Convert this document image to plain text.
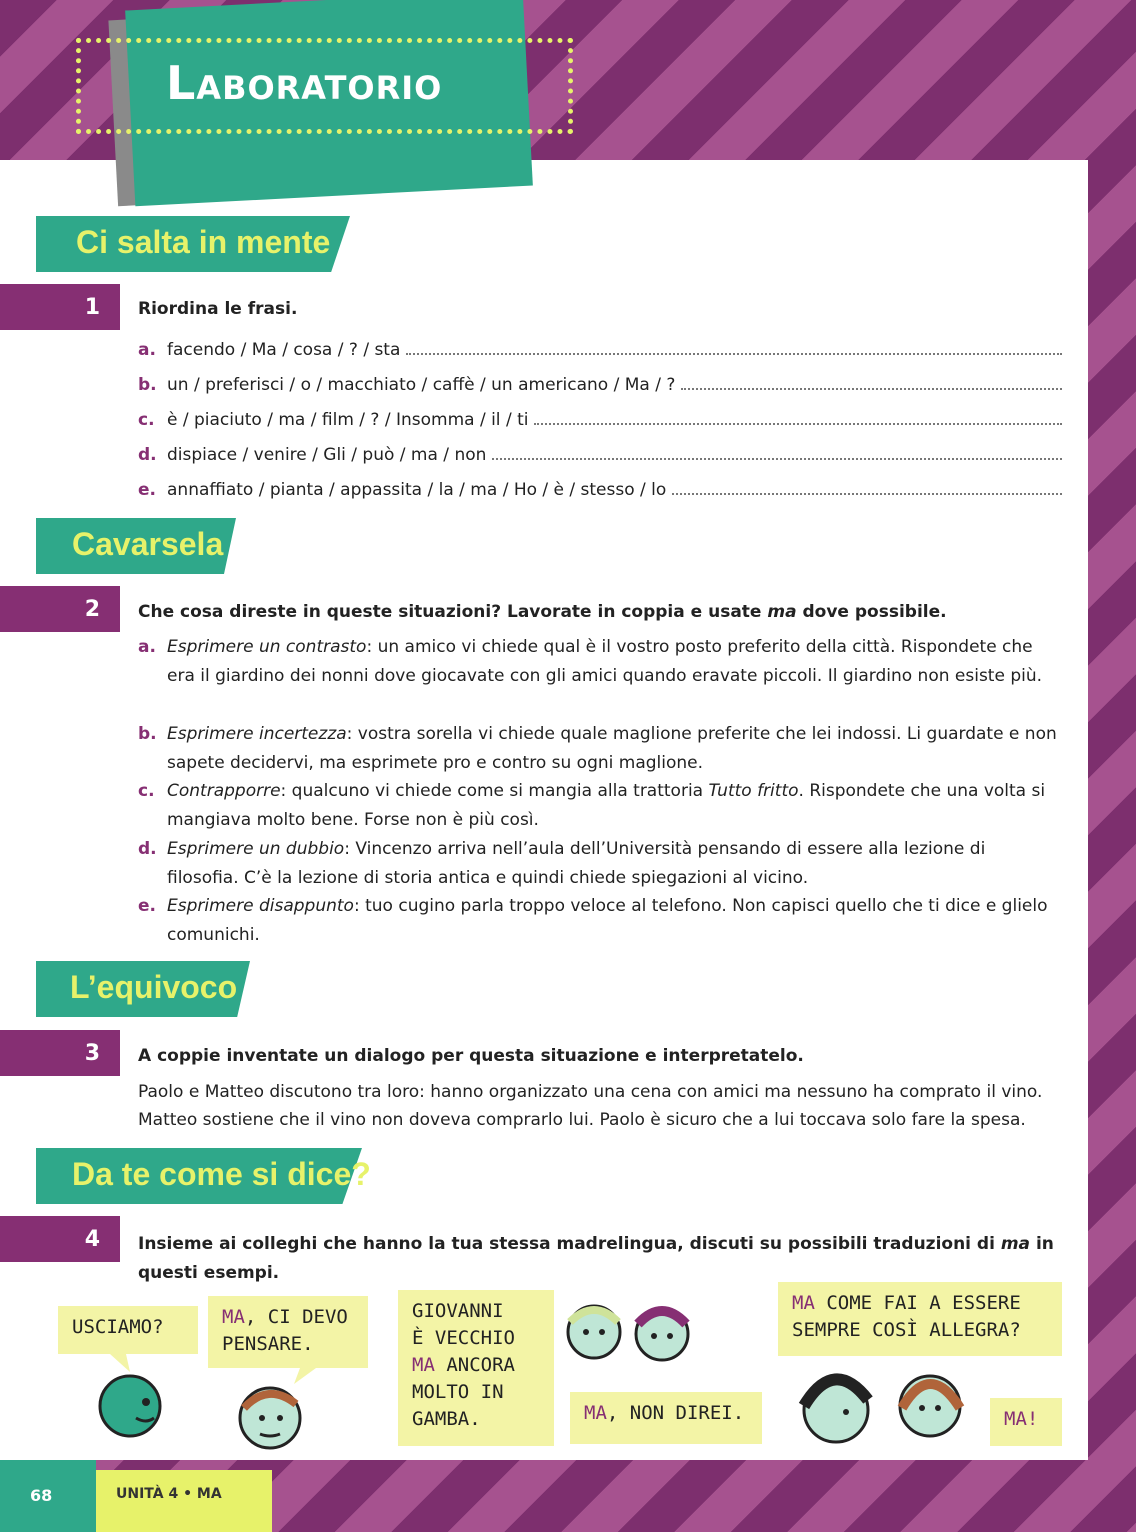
Laboratorio
Ci salta in mente
1	Riordina le frasi.
a. facendo / Ma / cosa / ? / sta
b. un / preferisci / o / macchiato / caffè / un americano / Ma / ?
c. è / piaciuto / ma / film / ? / Insomma / il / ti
d. dispiace / venire / Gli / può / ma / non
e. annaffiato / pianta / appassita / la / ma / Ho / è / stesso / lo
Cavarsela
2	Che cosa direste in queste situazioni? Lavorate in coppia e usate ma dove possibile.
a. Esprimere un contrasto: un amico vi chiede qual è il vostro posto preferito della città. Rispondete che era il giardino dei nonni dove giocavate con gli amici quando eravate piccoli. Il giardino non esiste più.
b. Esprimere incertezza: vostra sorella vi chiede quale maglione preferite che lei indossi. Li guardate e non sapete decidervi, ma esprimete pro e contro su ogni maglione.
c. Contrapporre: qualcuno vi chiede come si mangia alla trattoria Tutto fritto. Rispondete che una volta si mangiava molto bene. Forse non è più così.
d. Esprimere un dubbio: Vincenzo arriva nell’aula dell’Università pensando di essere alla lezione di filosofia. C’è la lezione di storia antica e quindi chiede spiegazioni al vicino.
e. Esprimere disappunto: tuo cugino parla troppo veloce al telefono. Non capisci quello che ti dice e glielo comunichi.
L’equivoco
3	A coppie inventate un dialogo per questa situazione e interpretatelo.
Paolo e Matteo discutono tra loro: hanno organizzato una cena con amici ma nessuno ha comprato il vino. Matteo sostiene che il vino non doveva comprarlo lui. Paolo è sicuro che a lui toccava solo fare la spesa.
Da te come si dice?
4	Insieme ai colleghi che hanno la tua stessa madrelingua, discuti su possibili traduzioni di ma in questi esempi.
USCIAMO?	MA, CI DEVO PENSARE.
GIOVANNI
È VECCHIO
MA ANCORA
MOLTO IN
GAMBA.	MA, NON DIREI.
MA COME FAI A ESSERE SEMPRE COSÌ ALLEGRA?
MA!
68	UNITÀ 4 • MA
